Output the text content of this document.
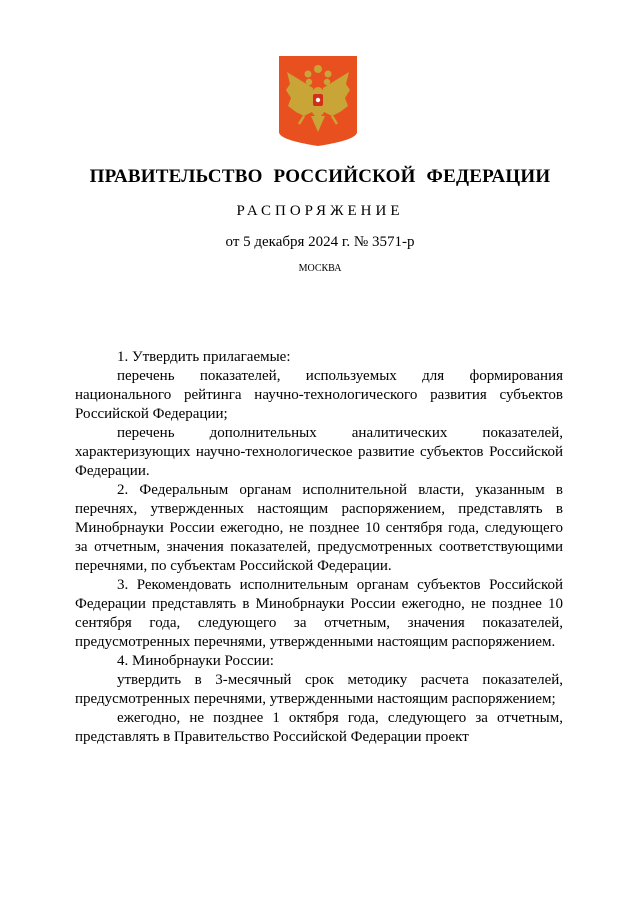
ПРАВИТЕЛЬСТВО РОССИЙСКОЙ ФЕДЕРАЦИИ
РАСПОРЯЖЕНИЕ
от 5 декабря 2024 г. № 3571-р
МОСКВА

1. Утвердить прилагаемые:

перечень показателей, используемых для формирования национального рейтинга научно-технологического развития субъектов Российской Федерации;

перечень дополнительных аналитических показателей, характеризующих научно-технологическое развитие субъектов Российской Федерации.

2. Федеральным органам исполнительной власти, указанным в перечнях, утвержденных настоящим распоряжением, представлять в Минобрнауки России ежегодно, не позднее 10 сентября года, следующего за отчетным, значения показателей, предусмотренных соответствующими перечнями, по субъектам Российской Федерации.

3. Рекомендовать исполнительным органам субъектов Российской Федерации представлять в Минобрнауки России ежегодно, не позднее 10 сентября года, следующего за отчетным, значения показателей, предусмотренных перечнями, утвержденными настоящим распоряжением.

4. Минобрнауки России:

утвердить в 3-месячный срок методику расчета показателей, предусмотренных перечнями, утвержденными настоящим распоряжением;

ежегодно, не позднее 1 октября года, следующего за отчетным, представлять в Правительство Российской Федерации проект
